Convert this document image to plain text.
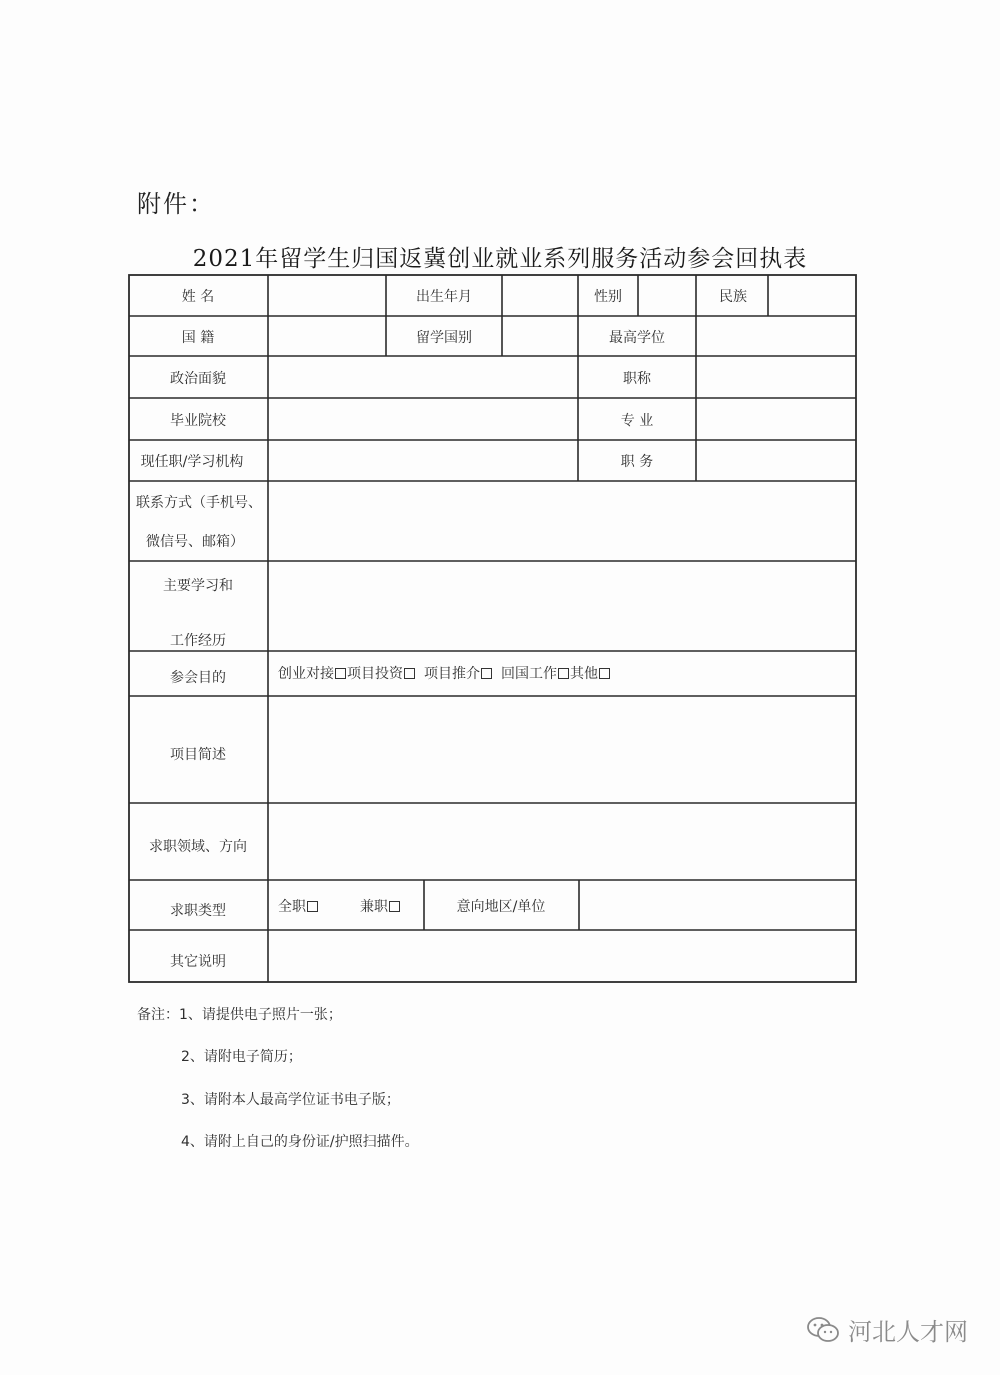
附件：
2021年留学生归国返冀创业就业系列服务活动参会回执表
姓 名	出生年月	性别	民族
国 籍	留学国别	最高学位
政治面貌	职称
毕业院校	专 业
现任职/学习机构	职 务
联系方式（手机号、
微信号、邮箱）
主要学习和
工作经历
参会目的	创业对接 项目投资 项目推介 回国工作 其他
项目简述
求职领域、方向
求职类型	全职	兼职	意向地区/单位
其它说明
备注：1、请提供电子照片一张；
2、请附电子简历；
3、请附本人最高学位证书电子版；
4、请附上自己的身份证/护照扫描件。
河北人才网
